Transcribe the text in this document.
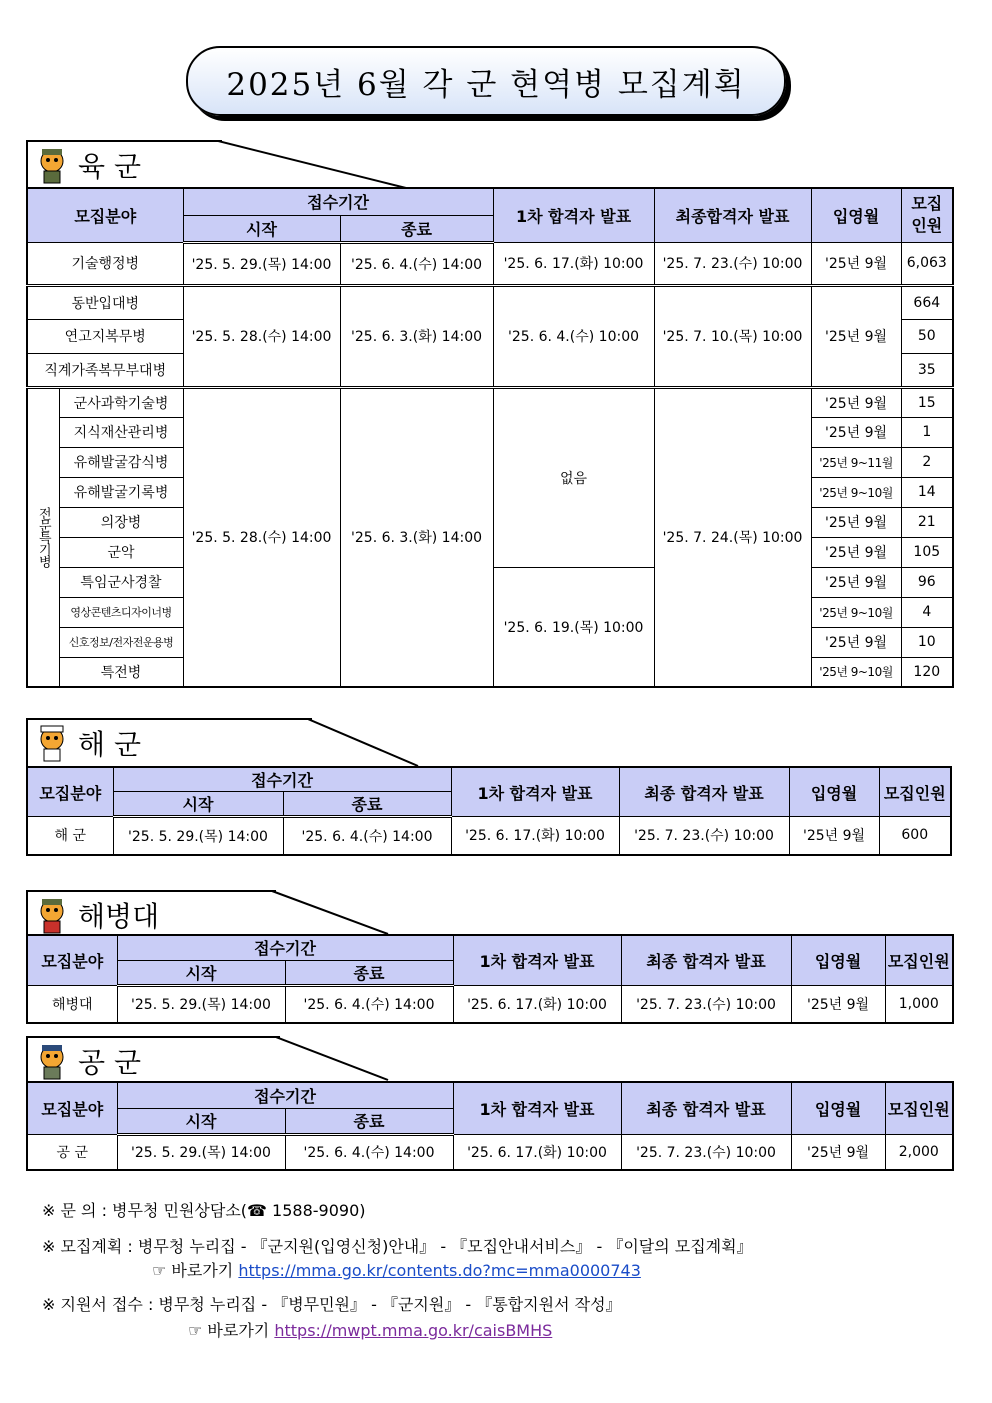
2025년 6월 각 군 현역병 모집계획
육 군
모집분야		접수기간		1차 합격자 발표	최종합격자 발표	입영월	모집
인원
		시작	종료				
기술행정병		'25. 5. 29.(목) 14:00	'25. 6. 4.(수) 14:00	'25. 6. 17.(화) 10:00	'25. 7. 23.(수) 10:00	'25년 9월	6,063
동반입대병		'25. 5. 28.(수) 14:00	'25. 6. 3.(화) 14:00	'25. 6. 4.(수) 10:00	'25. 7. 10.(목) 10:00	'25년 9월	664
연고지복무병							50
직계가족복무부대병							35
전문특기병	군사과학기술병	'25. 5. 28.(수) 14:00	'25. 6. 3.(화) 14:00	없음	'25. 7. 24.(목) 10:00	'25년 9월	15
	지식재산관리병					'25년 9월	1
	유해발굴감식병					'25년 9~11월	2
	유해발굴기록병					'25년 9~10월	14
	의장병					'25년 9월	21
	군악					'25년 9월	105
	특임군사경찰			'25. 6. 19.(목) 10:00		'25년 9월	96
	영상콘텐츠디자이너병					'25년 9~10월	4
	신호정보/전자전운용병					'25년 9월	10
	특전병					'25년 9~10월	120
해 군
모집분야	접수기간		1차 합격자 발표	최종 합격자 발표	입영월	모집인원
	시작	종료				
해 군	'25. 5. 29.(목) 14:00	'25. 6. 4.(수) 14:00	'25. 6. 17.(화) 10:00	'25. 7. 23.(수) 10:00	'25년 9월	600
해병대
모집분야	접수기간		1차 합격자 발표	최종 합격자 발표	입영월	모집인원
	시작	종료				
해병대	'25. 5. 29.(목) 14:00	'25. 6. 4.(수) 14:00	'25. 6. 17.(화) 10:00	'25. 7. 23.(수) 10:00	'25년 9월	1,000
공 군
모집분야	접수기간		1차 합격자 발표	최종 합격자 발표	입영월	모집인원
	시작	종료				
공 군	'25. 5. 29.(목) 14:00	'25. 6. 4.(수) 14:00	'25. 6. 17.(화) 10:00	'25. 7. 23.(수) 10:00	'25년 9월	2,000

※ 문 의 : 병무청 민원상담소(☎ 1588-9090)

※ 모집계획 : 병무청 누리집 - 『군지원(입영신청)안내』 - 『모집안내서비스』 - 『이달의 모집계획』

☞ 바로가기 https://mma.go.kr/contents.do?mc=mma0000743

※ 지원서 접수 : 병무청 누리집 - 『병무민원』 - 『군지원』 - 『통합지원서 작성』

☞ 바로가기 https://mwpt.mma.go.kr/caisBMHS
